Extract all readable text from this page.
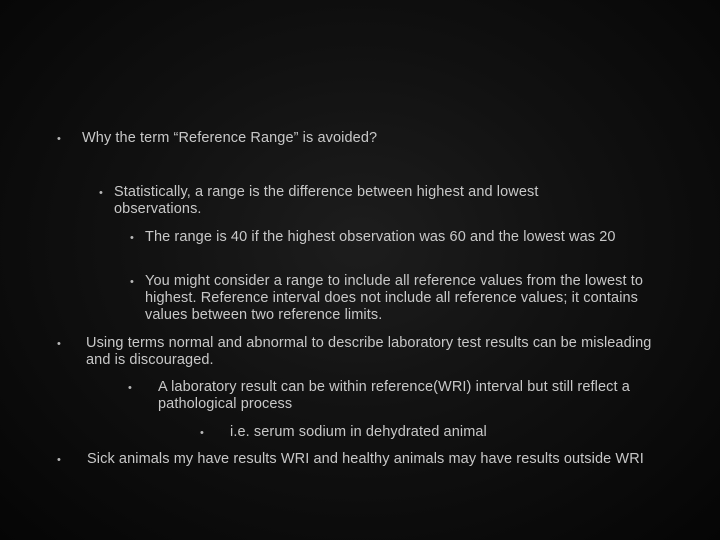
• Why the term “Reference Range” is avoided?
• Statistically, a range is the difference between highest and lowest observations.
• The range is 40 if the highest observation was 60 and the lowest was 20
• You might consider a range to include all reference values from the lowest to highest. Reference interval does not include all reference values; it contains values between two reference limits.
• Using terms normal and abnormal to describe laboratory test results can be misleading and is discouraged.
• A laboratory result can be within reference(WRI) interval but still reflect a pathological process
• i.e. serum sodium in dehydrated animal
• Sick animals my have results WRI and healthy animals may have results outside WRI
